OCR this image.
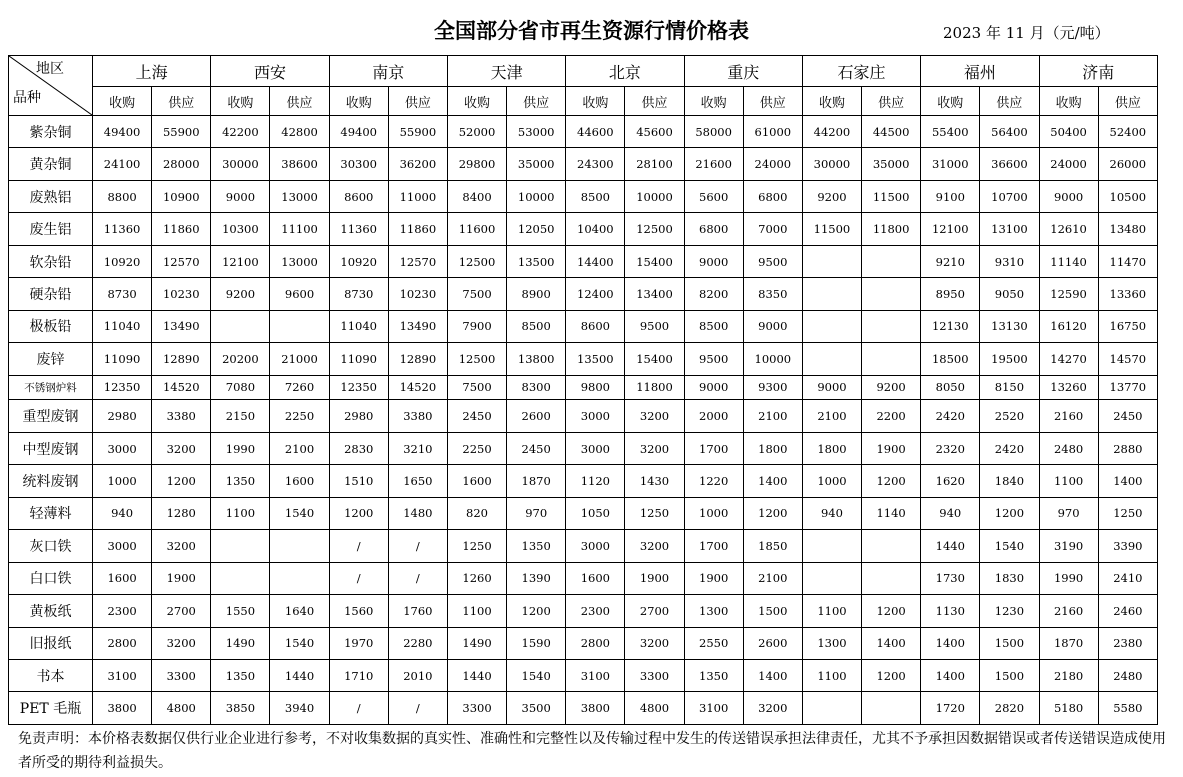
全国部分省市再生资源行情价格表	2023 年 11 月（元/吨）
地区
品种	上海		西安		南京		天津		北京		重庆		石家庄		福州		济南	
	收购	供应	收购	供应	收购	供应	收购	供应	收购	供应	收购	供应	收购	供应	收购	供应	收购	供应
紫杂铜	49400	55900	42200	42800	49400	55900	52000	53000	44600	45600	58000	61000	44200	44500	55400	56400	50400	52400
黄杂铜	24100	28000	30000	38600	30300	36200	29800	35000	24300	28100	21600	24000	30000	35000	31000	36600	24000	26000
废熟铝	8800	10900	9000	13000	8600	11000	8400	10000	8500	10000	5600	6800	9200	11500	9100	10700	9000	10500
废生铝	11360	11860	10300	11100	11360	11860	11600	12050	10400	12500	6800	7000	11500	11800	12100	13100	12610	13480
软杂铅	10920	12570	12100	13000	10920	12570	12500	13500	14400	15400	9000	9500			9210	9310	11140	11470
硬杂铅	8730	10230	9200	9600	8730	10230	7500	8900	12400	13400	8200	8350			8950	9050	12590	13360
极板铅	11040	13490			11040	13490	7900	8500	8600	9500	8500	9000			12130	13130	16120	16750
废锌	11090	12890	20200	21000	11090	12890	12500	13800	13500	15400	9500	10000			18500	19500	14270	14570
不锈钢炉料	12350	14520	7080	7260	12350	14520	7500	8300	9800	11800	9000	9300	9000	9200	8050	8150	13260	13770
重型废钢	2980	3380	2150	2250	2980	3380	2450	2600	3000	3200	2000	2100	2100	2200	2420	2520	2160	2450
中型废钢	3000	3200	1990	2100	2830	3210	2250	2450	3000	3200	1700	1800	1800	1900	2320	2420	2480	2880
统料废钢	1000	1200	1350	1600	1510	1650	1600	1870	1120	1430	1220	1400	1000	1200	1620	1840	1100	1400
轻薄料	940	1280	1100	1540	1200	1480	820	970	1050	1250	1000	1200	940	1140	940	1200	970	1250
灰口铁	3000	3200			/	/	1250	1350	3000	3200	1700	1850			1440	1540	3190	3390
白口铁	1600	1900			/	/	1260	1390	1600	1900	1900	2100			1730	1830	1990	2410
黄板纸	2300	2700	1550	1640	1560	1760	1100	1200	2300	2700	1300	1500	1100	1200	1130	1230	2160	2460
旧报纸	2800	3200	1490	1540	1970	2280	1490	1590	2800	3200	2550	2600	1300	1400	1400	1500	1870	2380
书本	3100	3300	1350	1440	1710	2010	1440	1540	3100	3300	1350	1400	1100	1200	1400	1500	2180	2480
PET 毛瓶	3800	4800	3850	3940	/	/	3300	3500	3800	4800	3100	3200			1720	2820	5180	5580
免责声明：本价格表数据仅供行业企业进行参考，不对收集数据的真实性、准确性和完整性以及传输过程中发生的传送错误承担法律责任，尤其不予承担因数据错误或者传送错误造成使用者所受的期待利益损失。
